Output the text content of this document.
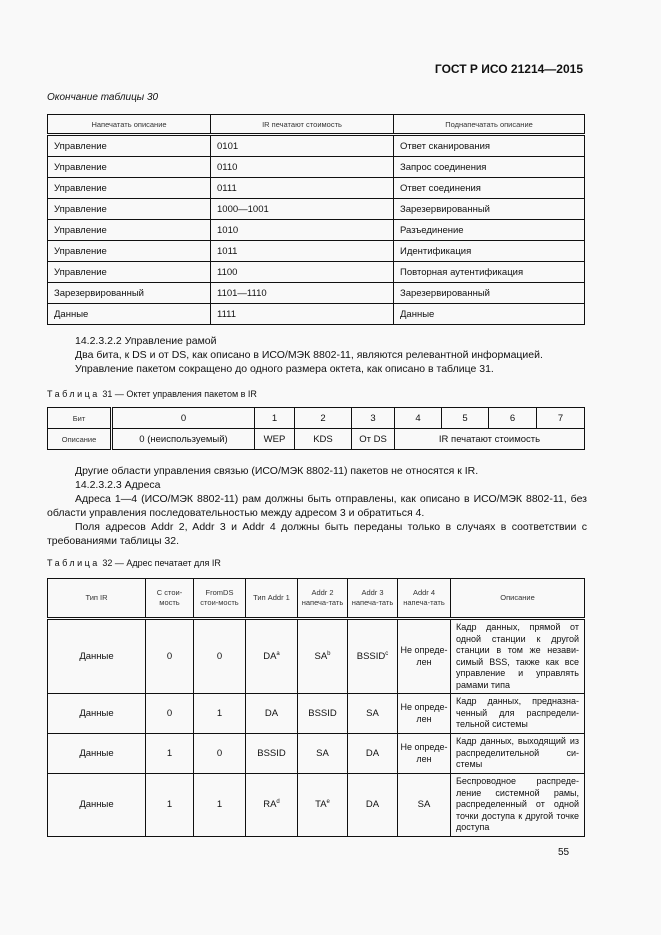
ГОСТ Р ИСО 21214—2015
Окончание таблицы 30
Напечатать описание	IR печатают стоимость	Поднапечатать описание
Управление	0101	Ответ сканирования
Управление	0110	Запрос соединения
Управление	0111	Ответ соединения
Управление	1000—1001	Зарезервированный
Управление	1010	Разъединение
Управление	1011	Идентификация
Управление	1100	Повторная аутентификация
Зарезервированный	1101—1110	Зарезервированный
Данные	1111	Данные
14.2.3.2.2 Управление рамой
Два бита, к DS и от DS, как описано в ИСО/МЭК 8802-11, являются релевантной информацией.
Управление пакетом сокращено до одного размера октета, как описано в таблице 31.
Таблица 31 — Октет управления пакетом в IR
Бит	0	1	2	3	4	5	6	7
Описание	0 (неиспользуемый)	WEP	KDS	От DS	IR печатают стоимость			
Другие области управления связью (ИСО/МЭК 8802-11) пакетов не относятся к IR.
14.2.3.2.3 Адреса
Адреса 1—4 (ИСО/МЭК 8802-11) рам должны быть отправлены, как описано в ИСО/МЭК 8802-11, без области управления последовательностью между адресом 3 и обратиться 4.
Поля адресов Addr 2, Addr 3 и Addr 4 должны быть переданы только в случаях в соответствии с требованиями таблицы 32.
Таблица 32 — Адрес печатает для IR
Тип IR	C стои-мость	FromDS стои-мость	Тип Addr 1	Addr 2 напеча-тать	Addr 3 напеча-тать	Addr 4 напеча-тать	Описание
Данные	0	0	$DA^a$	$SA^b$	BSSID$^c$	Не опреде-лен	Кадр данных, прямой от одной станции к другой станции в том же незави-симый BSS, также как все управление и управлять рамами типа
Данные	0	1	DA	BSSID	SA	Не опреде-лен	Кадр данных, предназна-ченный для распредели-тельной системы
Данные	1	0	BSSID	SA	DA	Не опреде-лен	Кадр данных, выходящий из распределительной си-стемы
Данные	1	1	$RA^d$	$TA^e$	DA	SA	Беспроводное распреде-ление системной рамы, распределенный от одной точки доступа к другой точке доступа
55
